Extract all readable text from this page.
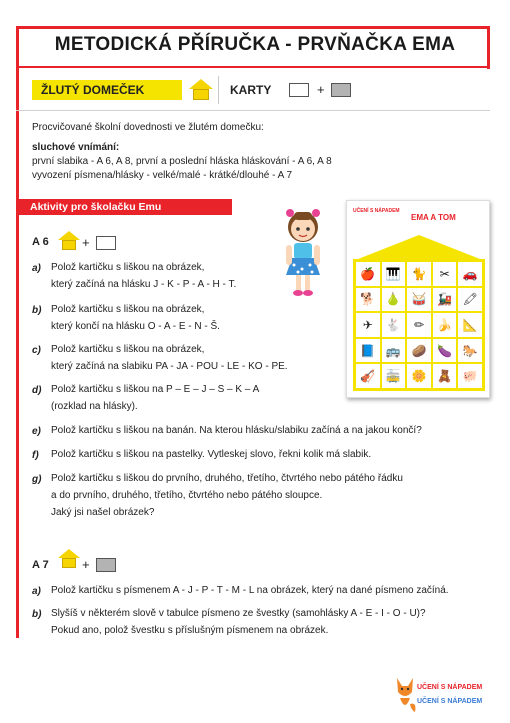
METODICKÁ PŘÍRUČKA - PRVŇAČKA EMA
ŽLUTÝ DOMEČEK	KARTY	+
Procvičované školní dovednosti ve žlutém domečku:
sluchové vnímání:
první slabika - A 6, A 8, první a poslední hláska hláskování - A 6, A 8
vyvození písmena/hlásky - velké/malé - krátké/dlouhé - A 7
Aktivity pro školačku Emu
A 6	+
a) Polož kartičku s liškou na obrázek,
který začíná na hlásku J - K - P - A - H - T.
b) Polož kartičku s liškou na obrázek,
který končí na hlásku O - A - E - N - Š.
c) Polož kartičku s liškou na obrázek,
který začíná na slabiku PA - JA - POU - LE - KO - PE.
d) Polož kartičku s liškou na P – E – J – S – K – A
(rozklad na hlásky).
e) Polož kartičku s liškou na banán. Na kterou hlásku/slabiku začíná a na jakou končí?
f) Polož kartičku s liškou na pastelky. Vytleskej slovo, řekni kolik má slabik.
g) Polož kartičku s liškou do prvního, druhého, třetího, čtvrtého nebo pátého řádku
a do prvního, druhého, třetího, čtvrtého nebo pátého sloupce.
Jaký jsi našel obrázek?
A 7	+
a) Polož kartičku s písmenem A - J - P - T - M - L na obrázek, který na dané písmeno začíná.
b) Slyšíš v některém slově v tabulce písmeno ze švestky (samohlásky A - E - I - O - U)?
Pokud ano, polož švestku s příslušným písmenem na obrázek.
UČENÍ S NÁPADEM
EMA A TOM
🍎 🎹 🐈	✂	🚗
🐕 🍐 🥁 🚂 🖍
✈	🐇	✏	🍌 📐
📘 🚌 🥔 🍆 🐎
🎻 🚋 🌼 🧸 🐖
UČENÍ S NÁPADEM
UČENÍ S NÁPADEM
